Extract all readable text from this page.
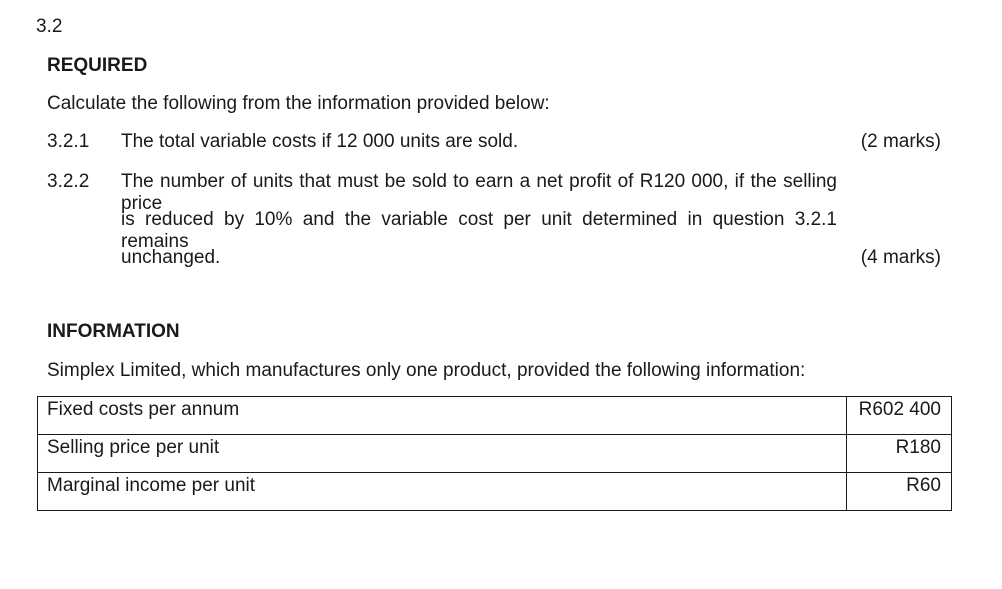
3.2
REQUIRED
Calculate the following from the information provided below:
3.2.1 The total variable costs if 12 000 units are sold.	(2 marks)
3.2.2 The number of units that must be sold to earn a net profit of R120 000, if the selling price
is reduced by 10% and the variable cost per unit determined in question 3.2.1 remains
unchanged.	(4 marks)
INFORMATION
Simplex Limited, which manufactures only one product, provided the following information:
Fixed costs per annum	R602 400
Selling price per unit	R180
Marginal income per unit	R60
